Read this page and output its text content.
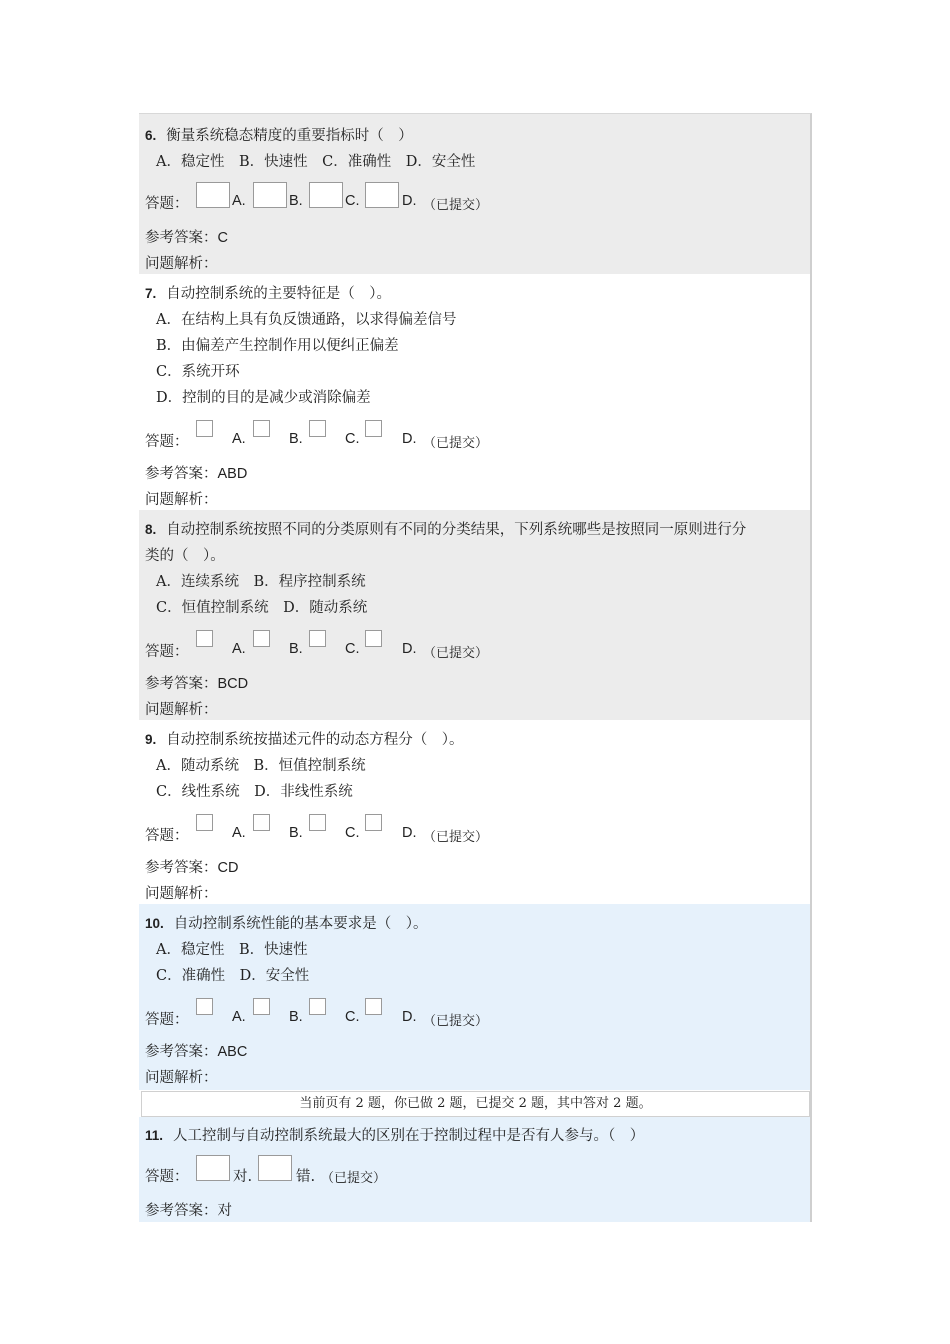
6. 衡量系统稳态精度的重要指标时（　）
A．稳定性　B．快速性　C．准确性　D．安全性
答题：	A.	B.	C.	D. （已提交）
参考答案：C
问题解析：
7. 自动控制系统的主要特征是（　）。
A．在结构上具有负反馈通路，以求得偏差信号
B．由偏差产生控制作用以便纠正偏差
C．系统开环
D．控制的目的是减少或消除偏差
答题：	A.	B.	C.	D. （已提交）
参考答案：ABD
问题解析：
8. 自动控制系统按照不同的分类原则有不同的分类结果，下列系统哪些是按照同一原则进行分
类的（　）。
A．连续系统　B．程序控制系统
C．恒值控制系统　D．随动系统
答题：	A.	B.	C.	D. （已提交）
参考答案：BCD
问题解析：
9. 自动控制系统按描述元件的动态方程分（　）。
A．随动系统　B．恒值控制系统
C．线性系统　D．非线性系统
答题：	A.	B.	C.	D. （已提交）
参考答案：CD
问题解析：
10. 自动控制系统性能的基本要求是（　）。
A．稳定性　B．快速性
C．准确性　D．安全性
答题：	A.	B.	C.	D. （已提交）
参考答案：ABC
问题解析：
当前页有 2 题，你已做 2 题，已提交 2 题，其中答对 2 题。
11. 人工控制与自动控制系统最大的区别在于控制过程中是否有人参与。（　）
答题：	对.	错. （已提交）
参考答案：对
